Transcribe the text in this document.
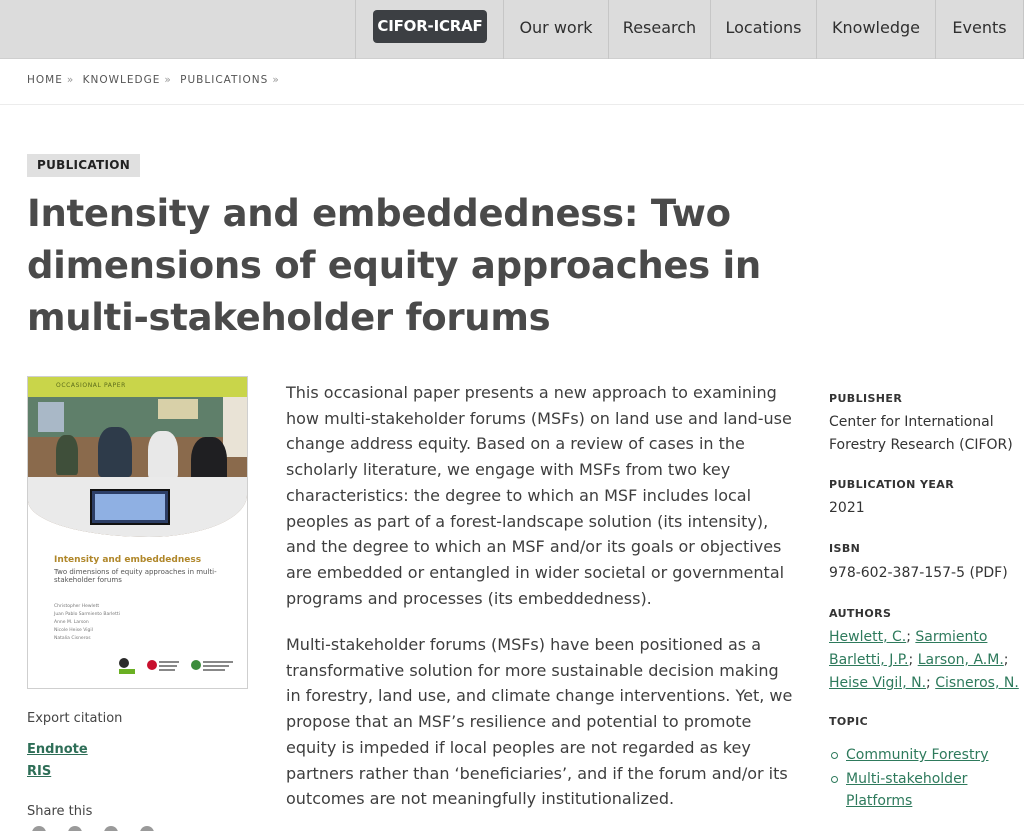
CIFOR-ICRAF	Our work	Research	Locations	Knowledge	Events
HOME » KNOWLEDGE » PUBLICATIONS »
PUBLICATION
Intensity and embeddedness: Two dimensions of equity approaches in multi-stakeholder forums
OCCASIONAL PAPER
Intensity and embeddedness
Two dimensions of equity approaches in multi-stakeholder forums
Christopher Hewlett
Juan Pablo Sarmiento Barletti
Anne M. Larson
Nicole Heise Vigil
Natalia Cisneros
Export citation
Endnote
RIS
Share this

This occasional paper presents a new approach to examining how multi-stakeholder forums (MSFs) on land use and land-use change address equity. Based on a review of cases in the scholarly literature, we engage with MSFs from two key characteristics: the degree to which an MSF includes local peoples as part of a forest-landscape solution (its intensity), and the degree to which an MSF and/or its goals or objectives are embedded or entangled in wider societal or governmental programs and processes (its embeddedness).

Multi-stakeholder forums (MSFs) have been positioned as a transformative solution for more sustainable decision making in forestry, land use, and climate change interventions. Yet, we propose that an MSF’s resilience and potential to promote equity is impeded if local peoples are not regarded as key partners rather than ‘beneficiaries’, and if the forum and/or its outcomes are not meaningfully institutionalized.

PUBLISHER
Center for International Forestry Research (CIFOR)
PUBLICATION YEAR
2021
ISBN
978-602-387-157-5 (PDF)
AUTHORS
Hewlett, C.; Sarmiento Barletti, J.P.; Larson, A.M.; Heise Vigil, N.; Cisneros, N.
TOPIC
Community Forestry
Multi-stakeholder Platforms
